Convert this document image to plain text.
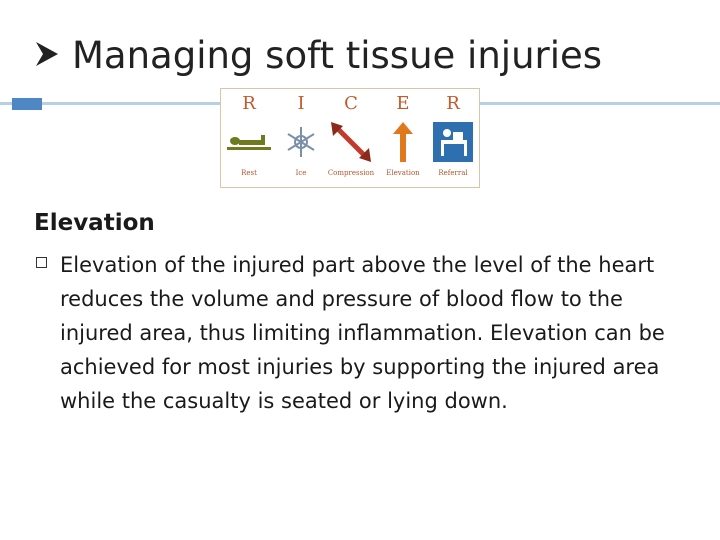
Managing soft tissue injuries
R
Rest
I
Ice
C
Compression
E
Elevation
R
Referral
Elevation
Elevation of the injured part above the level of the heart reduces the volume and pressure of blood flow to the injured area, thus limiting inflammation. Elevation can be achieved for most injuries by supporting the injured area while the casualty is seated or lying down.
